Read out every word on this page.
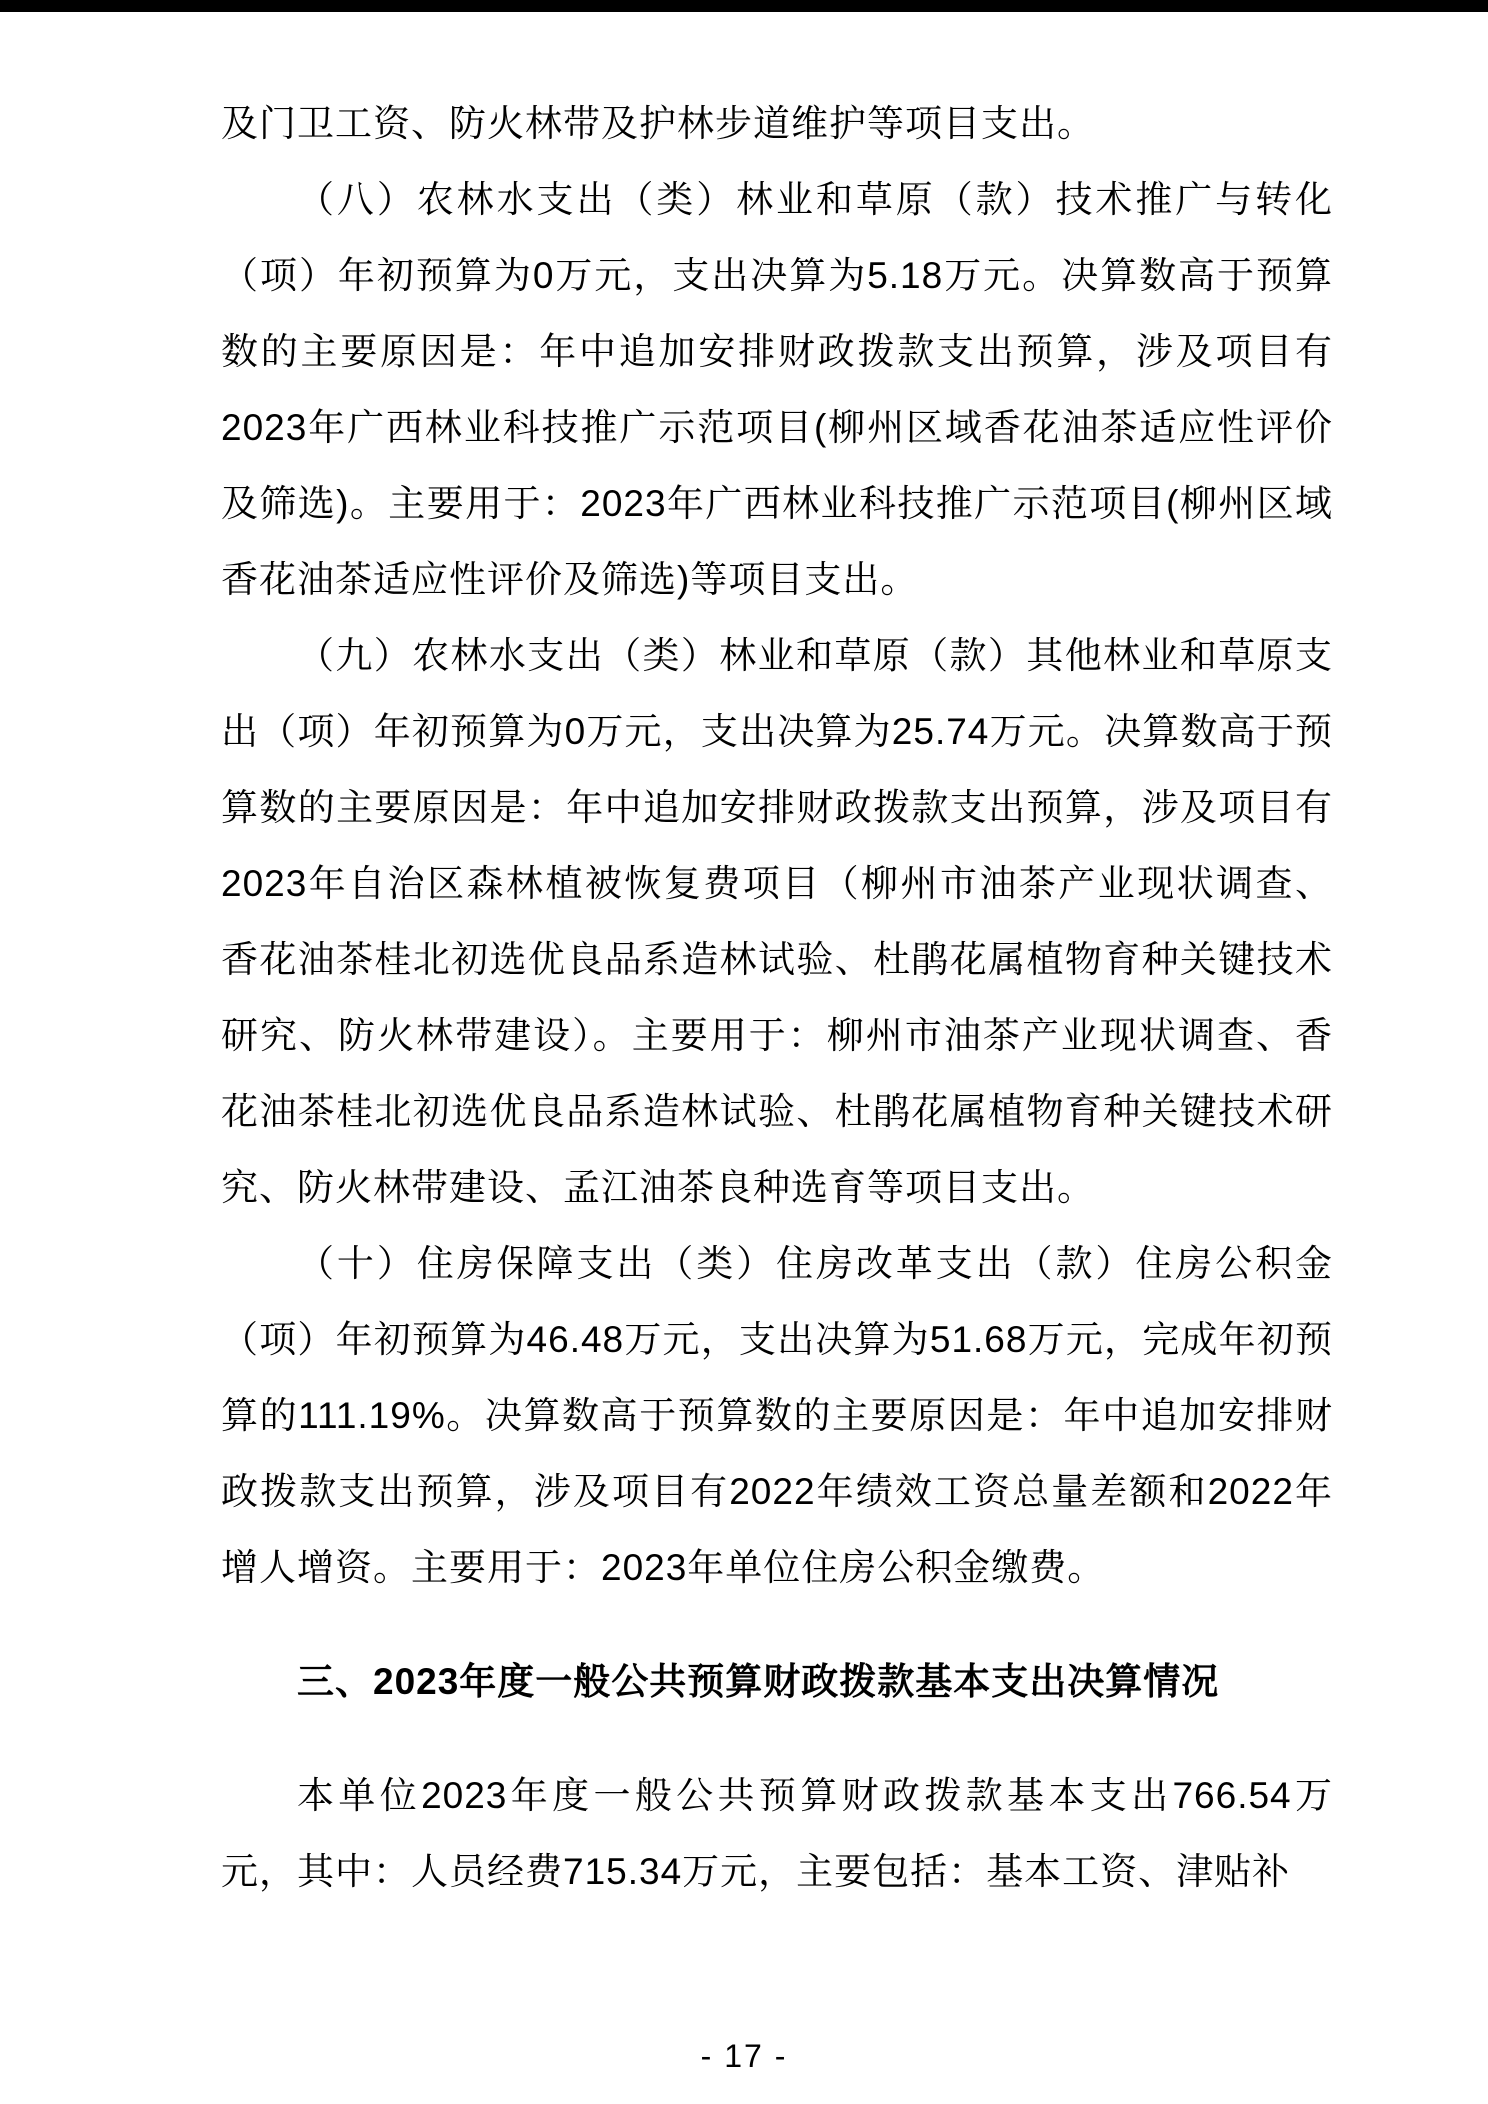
及门卫工资、防火林带及护林步道维护等项目支出。

（八）农林水支出（类）林业和草原（款）技术推广与转化（项）年初预算为0万元，支出决算为5.18万元。决算数高于预算数的主要原因是：年中追加安排财政拨款支出预算，涉及项目有2023年广西林业科技推广示范项目(柳州区域香花油茶适应性评价及筛选)。主要用于：2023年广西林业科技推广示范项目(柳州区域香花油茶适应性评价及筛选)等项目支出。

（九）农林水支出（类）林业和草原（款）其他林业和草原支出（项）年初预算为0万元，支出决算为25.74万元。决算数高于预算数的主要原因是：年中追加安排财政拨款支出预算，涉及项目有2023年自治区森林植被恢复费项目（柳州市油茶产业现状调查、香花油茶桂北初选优良品系造林试验、杜鹃花属植物育种关键技术研究、防火林带建设）。主要用于：柳州市油茶产业现状调查、香花油茶桂北初选优良品系造林试验、杜鹃花属植物育种关键技术研究、防火林带建设、孟江油茶良种选育等项目支出。

（十）住房保障支出（类）住房改革支出（款）住房公积金（项）年初预算为46.48万元，支出决算为51.68万元，完成年初预算的111.19%。决算数高于预算数的主要原因是：年中追加安排财政拨款支出预算，涉及项目有2022年绩效工资总量差额和2022年增人增资。主要用于：2023年单位住房公积金缴费。

三、2023年度一般公共预算财政拨款基本支出决算情况

本单位2023年度一般公共预算财政拨款基本支出766.54万元，其中：人员经费715.34万元，主要包括：基本工资、津贴补

- 17 -
